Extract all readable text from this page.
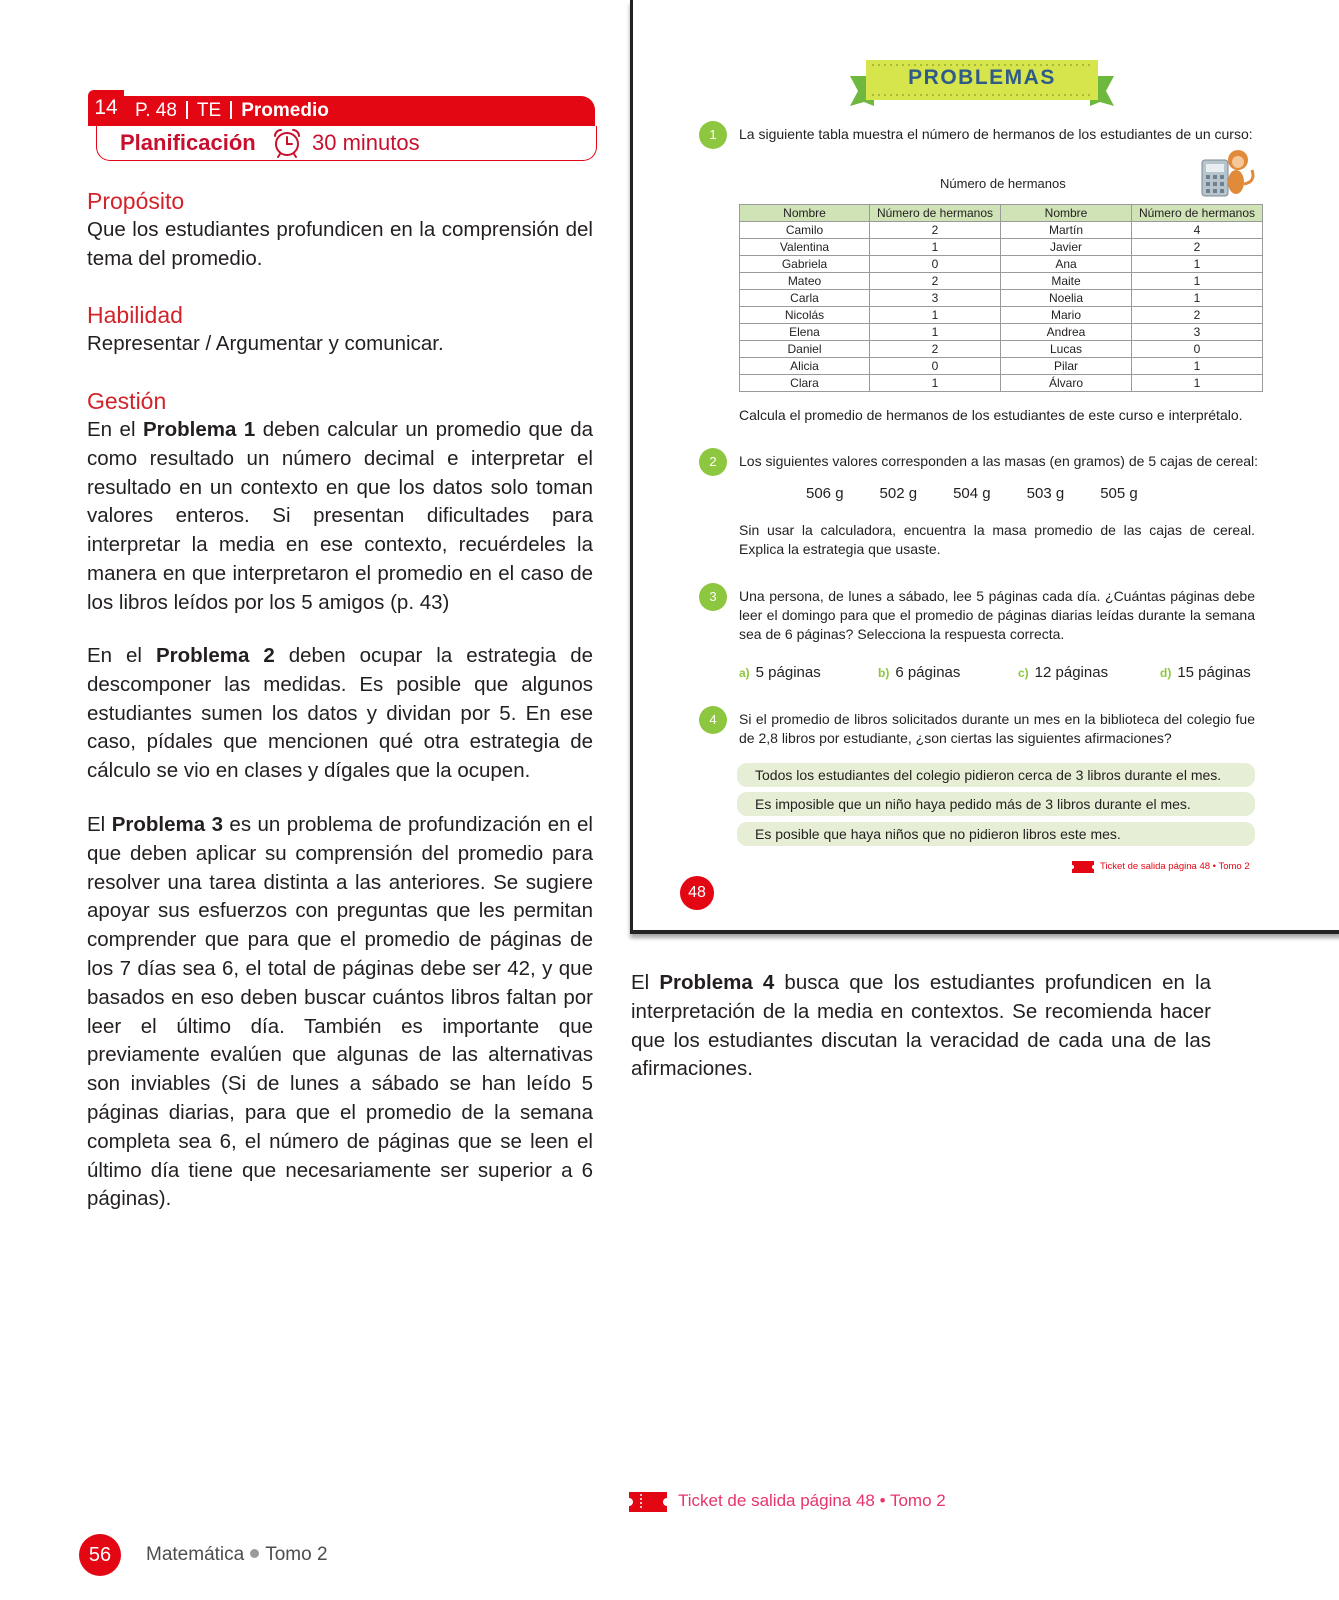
14 P. 48 TE Promedio
Planificación	30 minutos
Propósito
Que los estudiantes profundicen en la comprensión del tema del promedio.
Habilidad
Representar / Argumentar y comunicar.
Gestión
En el Problema 1 deben calcular un promedio que da como resultado un número decimal e interpretar el resultado en un contexto en que los datos solo toman valores enteros. Si presentan dificultades para interpretar la media en ese contexto, recuérdeles la manera en que interpretaron el promedio en el caso de los libros leídos por los 5 amigos (p. 43)
En el Problema 2 deben ocupar la estrategia de descomponer las medidas. Es posible que algunos estudiantes sumen los datos y dividan por 5. En ese caso, pídales que mencionen qué otra estrategia de cálculo se vio en clases y dígales que la ocupen.
El Problema 3 es un problema de profundización en el que deben aplicar su comprensión del promedio para resolver una tarea distinta a las anteriores. Se sugiere apoyar sus esfuerzos con preguntas que les permitan comprender que para que el promedio de páginas de los 7 días sea 6, el total de páginas debe ser 42, y que basados en eso deben buscar cuántos libros faltan por leer el último día. También es importante que previamente evalúen que algunas de las alternativas son inviables (Si de lunes a sábado se han leído 5 páginas diarias, para que el promedio de la semana completa sea 6, el número de páginas que se leen el último día tiene que necesariamente ser superior a 6 páginas).
PROBLEMAS
1	La siguiente tabla muestra el número de hermanos de los estudiantes de un curso:
Número de hermanos
Nombre	Número de hermanos	Nombre	Número de hermanos
Camilo	2	Martín	4
Valentina	1	Javier	2
Gabriela	0	Ana	1
Mateo	2	Maite	1
Carla	3	Noelia	1
Nicolás	1	Mario	2
Elena	1	Andrea	3
Daniel	2	Lucas	0
Alicia	0	Pilar	1
Clara	1	Álvaro	1
Calcula el promedio de hermanos de los estudiantes de este curso e interprétalo.
2	Los siguientes valores corresponden a las masas (en gramos) de 5 cajas de cereal:
506 g 502 g 504 g 503 g 505 g
Sin usar la calculadora, encuentra la masa promedio de las cajas de cereal. Explica la estrategia que usaste.
3	Una persona, de lunes a sábado, lee 5 páginas cada día. ¿Cuántas páginas debe leer el domingo para que el promedio de páginas diarias leídas durante la semana sea de 6 páginas? Selecciona la respuesta correcta.
a) 5 páginas	b) 6 páginas	c) 12 páginas	d) 15 páginas
4	Si el promedio de libros solicitados durante un mes en la biblioteca del colegio fue de 2,8 libros por estudiante, ¿son ciertas las siguientes afirmaciones?
Todos los estudiantes del colegio pidieron cerca de 3 libros durante el mes.
Es imposible que un niño haya pedido más de 3 libros durante el mes.
Es posible que haya niños que no pidieron libros este mes.
Ticket de salida página 48 • Tomo 2
48
El Problema 4 busca que los estudiantes profundicen en la interpretación de la media en contextos. Se recomienda hacer que los estudiantes discutan la veracidad de cada una de las afirmaciones.
Ticket de salida página 48 • Tomo 2
56	Matemática Tomo 2
